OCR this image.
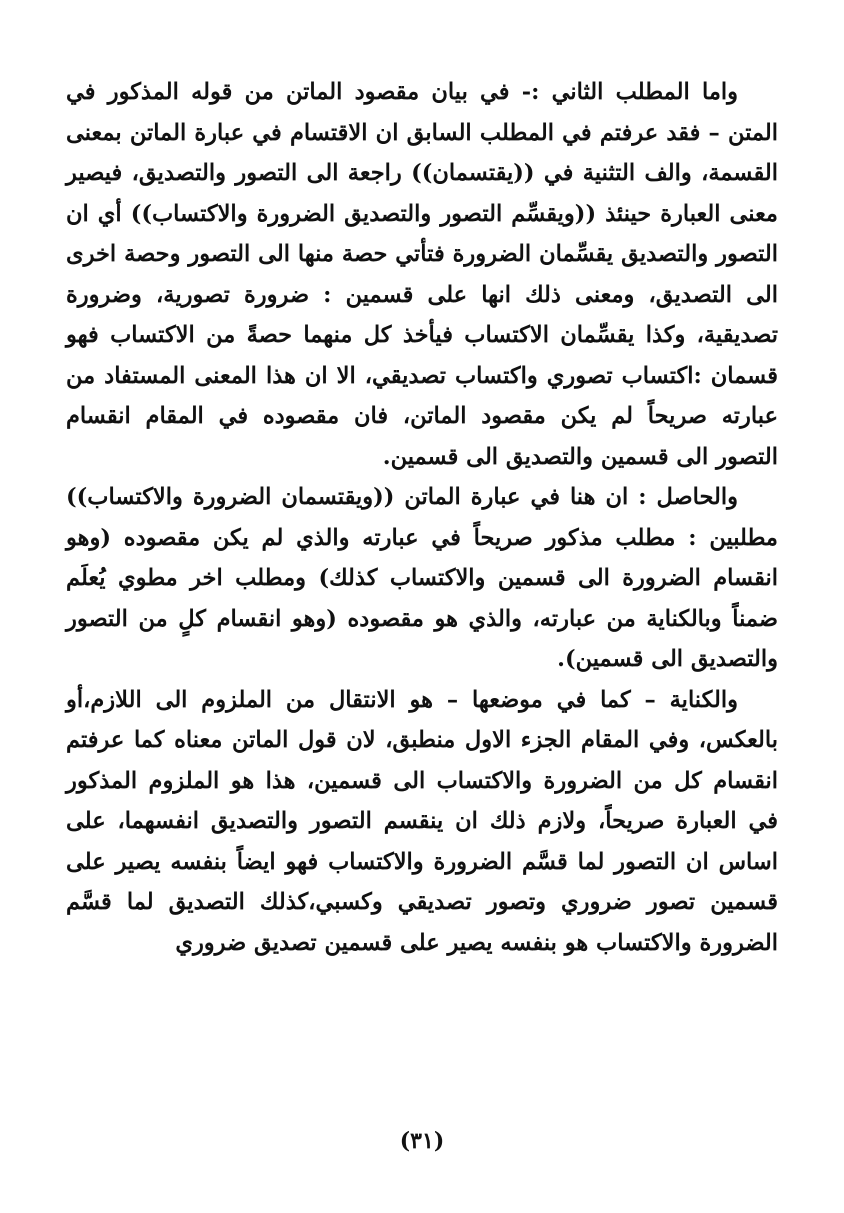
واما المطلب الثاني :- في بيان مقصود الماتن من قوله المذكور في المتن – فقد عرفتم في المطلب السابق ان الاقتسام في عبارة الماتن بمعنى القسمة، والف التثنية في ((يقتسمان)) راجعة الى التصور والتصديق، فيصير معنى العبارة حينئذ ((ويقسِّم التصور والتصديق الضرورة والاكتساب)) أي ان التصور والتصديق يقسِّمان الضرورة فتأتي حصة منها الى التصور وحصة اخرى الى التصديق، ومعنى ذلك انها على قسمين : ضرورة تصورية، وضرورة تصديقية، وكذا يقسِّمان الاكتساب فيأخذ كل منهما حصةً من الاكتساب فهو قسمان :اكتساب تصوري واكتساب تصديقي، الا ان هذا المعنى المستفاد من عبارته صريحاً لم يكن مقصود الماتن، فان مقصوده في المقام انقسام التصور الى قسمين والتصديق الى قسمين.

والحاصل : ان هنا في عبارة الماتن ((ويقتسمان الضرورة والاكتساب)) مطلبين : مطلب مذكور صريحاً في عبارته والذي لم يكن مقصوده (وهو انقسام الضرورة الى قسمين والاكتساب كذلك) ومطلب اخر مطوي يُعلَم ضمناً وبالكناية من عبارته، والذي هو مقصوده (وهو انقسام كلٍ من التصور والتصديق الى قسمين).

والكناية – كما في موضعها – هو الانتقال من الملزوم الى اللازم،أو بالعكس، وفي المقام الجزء الاول منطبق، لان قول الماتن معناه كما عرفتم انقسام كل من الضرورة والاكتساب الى قسمين، هذا هو الملزوم المذكور في العبارة صريحاً، ولازم ذلك ان ينقسم التصور والتصديق انفسهما، على اساس ان التصور لما قسَّم الضرورة والاكتساب فهو ايضاً بنفسه يصير على قسمين تصور ضروري وتصور تصديقي وكسبي،كذلك التصديق لما قسَّم الضرورة والاكتساب هو بنفسه يصير على قسمين تصديق ضروري

(٣١)
